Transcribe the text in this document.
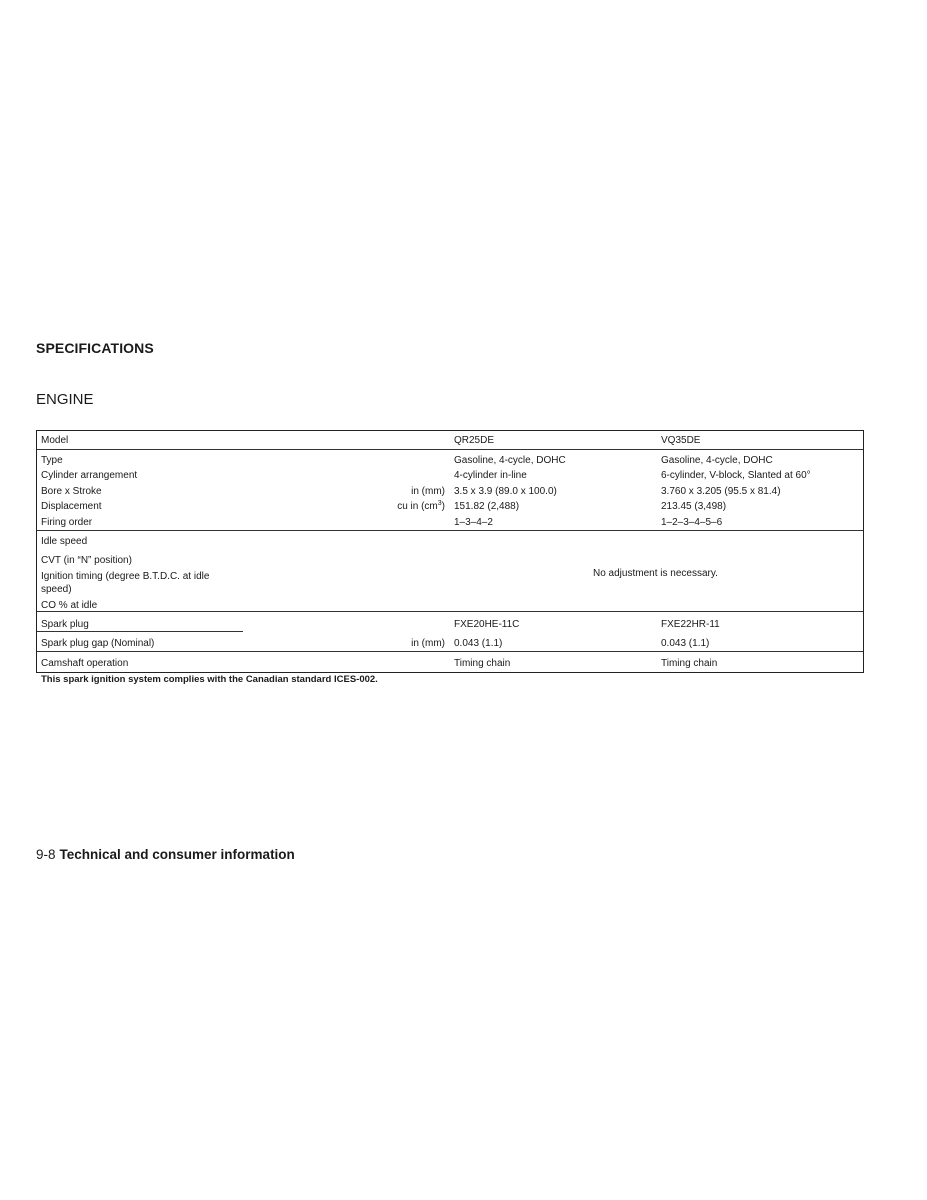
SPECIFICATIONS
ENGINE
Model	QR25DE	VQ35DE
Type	Gasoline, 4-cycle, DOHC	Gasoline, 4-cycle, DOHC
Cylinder arrangement	4-cylinder in-line	6-cylinder, V-block, Slanted at 60°
Bore x Stroke	in (mm) 3.5 x 3.9 (89.0 x 100.0)	3.760 x 3.205 (95.5 x 81.4)
Displacement	cu in $(cm^3)$ 151.82 (2,488)	213.45 (3,498)
Firing order	1–3–4–2	1–2–3–4–5–6
Idle speed
CVT (in “N” position)
Ignition timing (degree B.T.D.C. at idle
speed)
CO % at idle
No adjustment is necessary.
Spark plug	FXE20HE-11C	FXE22HR-11
Spark plug gap (Nominal)	in (mm) 0.043 (1.1)	0.043 (1.1)
Camshaft operation	Timing chain	Timing chain
This spark ignition system complies with the Canadian standard ICES-002.
9-8 Technical and consumer information
